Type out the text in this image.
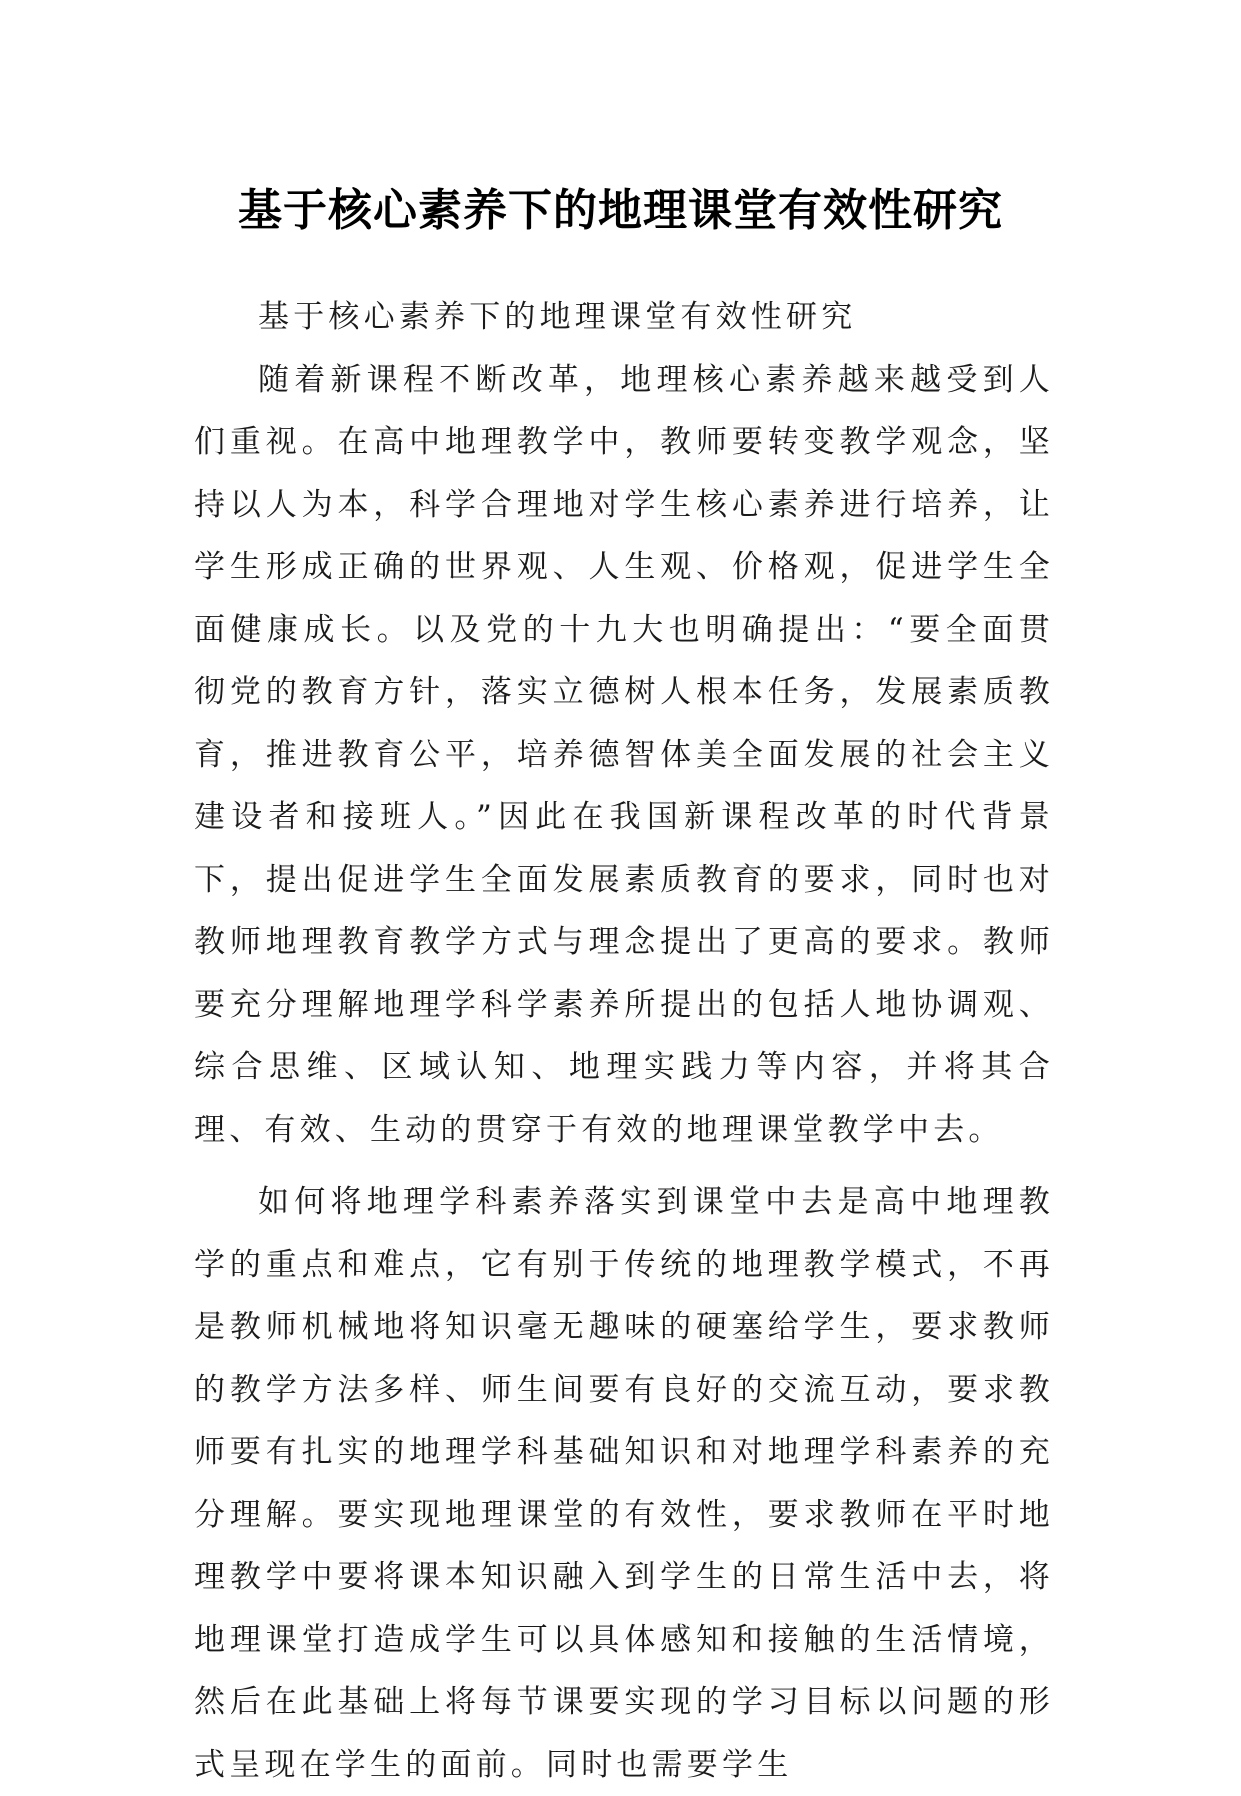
基于核心素养下的地理课堂有效性研究

基于核心素养下的地理课堂有效性研究

随着新课程不断改革，地理核心素养越来越受到人们重视。在高中地理教学中，教师要转变教学观念，坚持以人为本，科学合理地对学生核心素养进行培养，让学生形成正确的世界观、人生观、价格观，促进学生全面健康成长。以及党的十九大也明确提出：“要全面贯彻党的教育方针，落实立德树人根本任务，发展素质教育，推进教育公平，培养德智体美全面发展的社会主义建设者和接班人。”因此在我国新课程改革的时代背景下，提出促进学生全面发展素质教育的要求，同时也对教师地理教育教学方式与理念提出了更高的要求。教师要充分理解地理学科学素养所提出的包括人地协调观、综合思维、区域认知、地理实践力等内容，并将其合理、有效、生动的贯穿于有效的地理课堂教学中去。

如何将地理学科素养落实到课堂中去是高中地理教学的重点和难点，它有别于传统的地理教学模式，不再是教师机械地将知识毫无趣味的硬塞给学生，要求教师的教学方法多样、师生间要有良好的交流互动，要求教师要有扎实的地理学科基础知识和对地理学科素养的充分理解。要实现地理课堂的有效性，要求教师在平时地理教学中要将课本知识融入到学生的日常生活中去，将地理课堂打造成学生可以具体感知和接触的生活情境，然后在此基础上将每节课要实现的学习目标以问题的形式呈现在学生的面前。同时也需要学生
